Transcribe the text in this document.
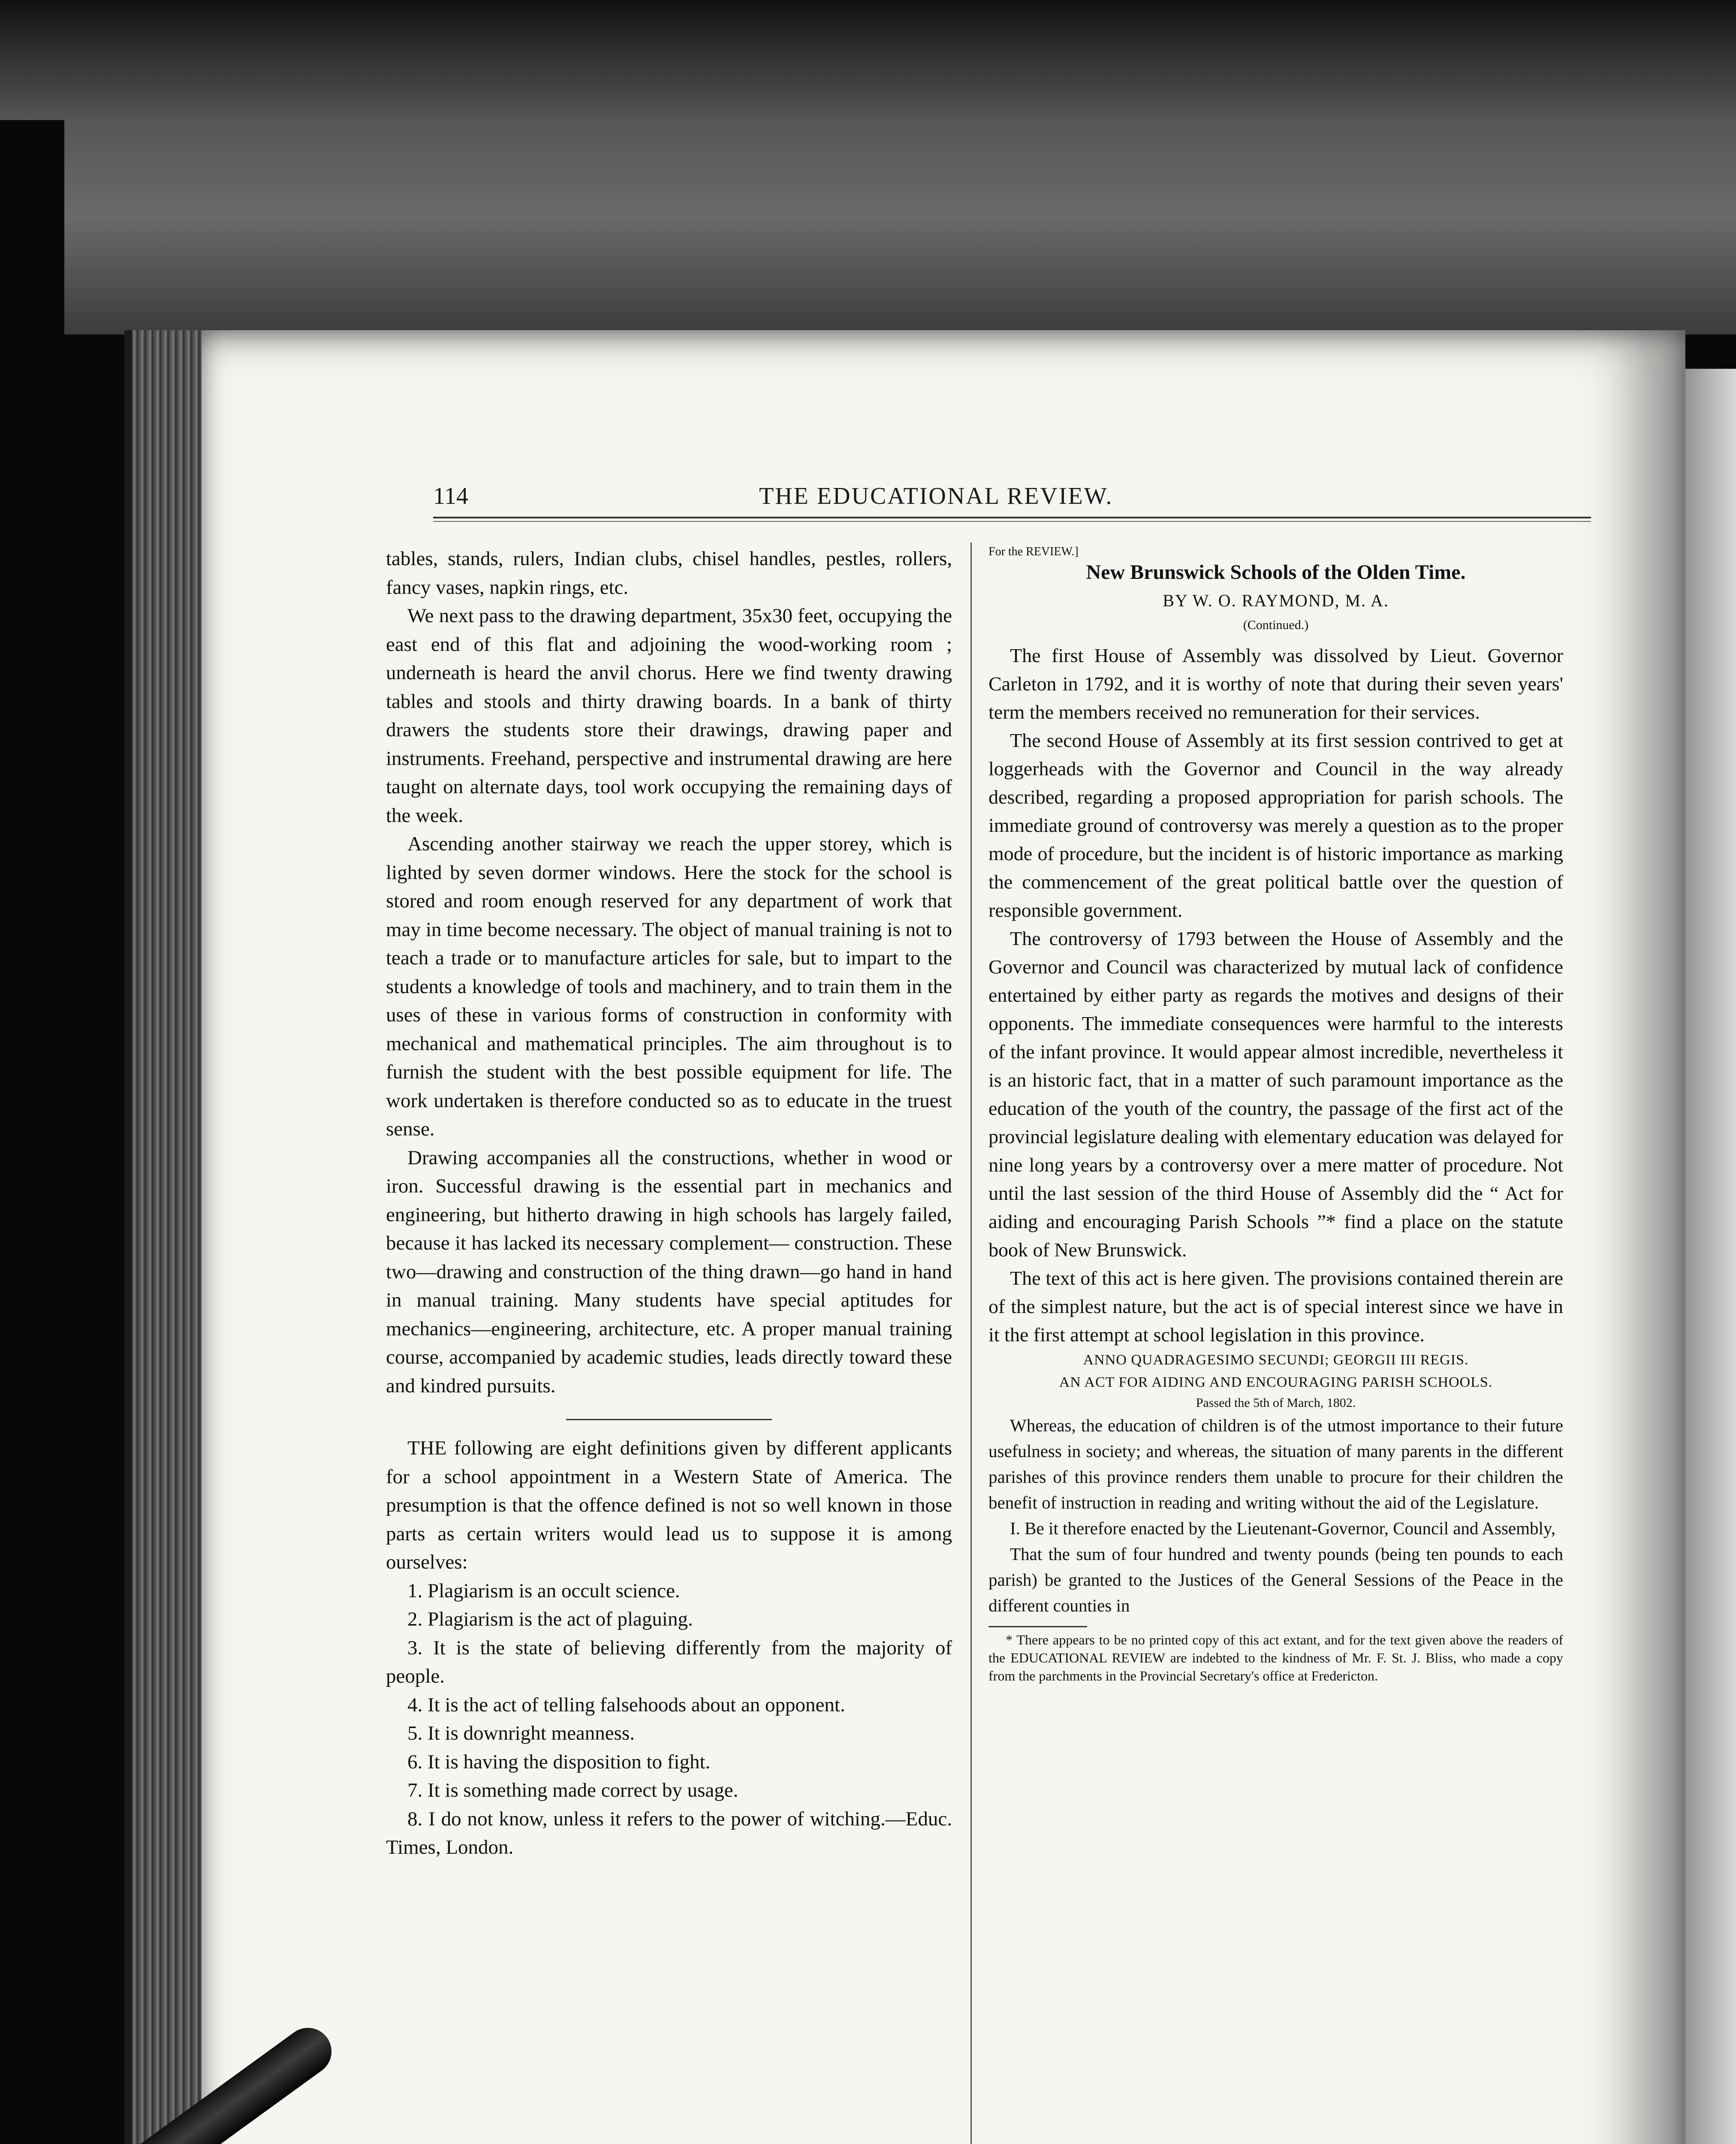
114	THE EDUCATIONAL REVIEW.

tables, stands, rulers, Indian clubs, chisel handles, pestles, rollers, fancy vases, napkin rings, etc.

We next pass to the drawing department, 35x30 feet, occupying the east end of this flat and adjoining the wood-working room ; underneath is heard the anvil chorus. Here we find twenty drawing tables and stools and thirty drawing boards. In a bank of thirty drawers the students store their drawings, drawing paper and instruments. Freehand, perspective and instrumental drawing are here taught on alternate days, tool work occupying the remaining days of the week.

Ascending another stairway we reach the upper storey, which is lighted by seven dormer windows. Here the stock for the school is stored and room enough reserved for any department of work that may in time become necessary. The object of manual training is not to teach a trade or to manufacture articles for sale, but to impart to the students a knowledge of tools and machinery, and to train them in the uses of these in various forms of construction in conformity with mechanical and mathematical principles. The aim throughout is to furnish the student with the best possible equipment for life. The work undertaken is therefore conducted so as to educate in the truest sense.

Drawing accompanies all the constructions, whether in wood or iron. Successful drawing is the essential part in mechanics and engineering, but hitherto drawing in high schools has largely failed, because it has lacked its necessary complement— construction. These two—drawing and construction of the thing drawn—go hand in hand in manual training. Many students have special aptitudes for mechanics—engineering, architecture, etc. A proper manual training course, accompanied by academic studies, leads directly toward these and kindred pursuits.

THE following are eight definitions given by different applicants for a school appointment in a Western State of America. The presumption is that the offence defined is not so well known in those parts as certain writers would lead us to suppose it is among ourselves:

1. Plagiarism is an occult science.

2. Plagiarism is the act of plaguing.

3. It is the state of believing differently from the majority of people.

4. It is the act of telling falsehoods about an opponent.

5. It is downright meanness.

6. It is having the disposition to fight.

7. It is something made correct by usage.

8. I do not know, unless it refers to the power of witching.—Educ. Times, London.

For the REVIEW.]

New Brunswick Schools of the Olden Time.

BY W. O. RAYMOND, M. A.

(Continued.)

The first House of Assembly was dissolved by Lieut. Governor Carleton in 1792, and it is worthy of note that during their seven years' term the members received no remuneration for their services.

The second House of Assembly at its first session contrived to get at loggerheads with the Governor and Council in the way already described, regarding a proposed appropriation for parish schools. The immediate ground of controversy was merely a question as to the proper mode of procedure, but the incident is of historic importance as marking the commencement of the great political battle over the question of responsible government.

The controversy of 1793 between the House of Assembly and the Governor and Council was characterized by mutual lack of confidence entertained by either party as regards the motives and designs of their opponents. The immediate consequences were harmful to the interests of the infant province. It would appear almost incredible, nevertheless it is an historic fact, that in a matter of such paramount importance as the education of the youth of the country, the passage of the first act of the provincial legislature dealing with elementary education was delayed for nine long years by a controversy over a mere matter of procedure. Not until the last session of the third House of Assembly did the “ Act for aiding and encouraging Parish Schools ”* find a place on the statute book of New Brunswick.

The text of this act is here given. The provisions contained therein are of the simplest nature, but the act is of special interest since we have in it the first attempt at school legislation in this province.

ANNO QUADRAGESIMO SECUNDI; GEORGII III REGIS.

AN ACT FOR AIDING AND ENCOURAGING PARISH SCHOOLS.

Passed the 5th of March, 1802.

Whereas, the education of children is of the utmost importance to their future usefulness in society; and whereas, the situation of many parents in the different parishes of this province renders them unable to procure for their children the benefit of instruction in reading and writing without the aid of the Legislature.

I. Be it therefore enacted by the Lieutenant-Governor, Council and Assembly,

That the sum of four hundred and twenty pounds (being ten pounds to each parish) be granted to the Justices of the General Sessions of the Peace in the different counties in

* There appears to be no printed copy of this act extant, and for the text given above the readers of the EDUCATIONAL REVIEW are indebted to the kindness of Mr. F. St. J. Bliss, who made a copy from the parchments in the Provincial Secretary's office at Fredericton.
